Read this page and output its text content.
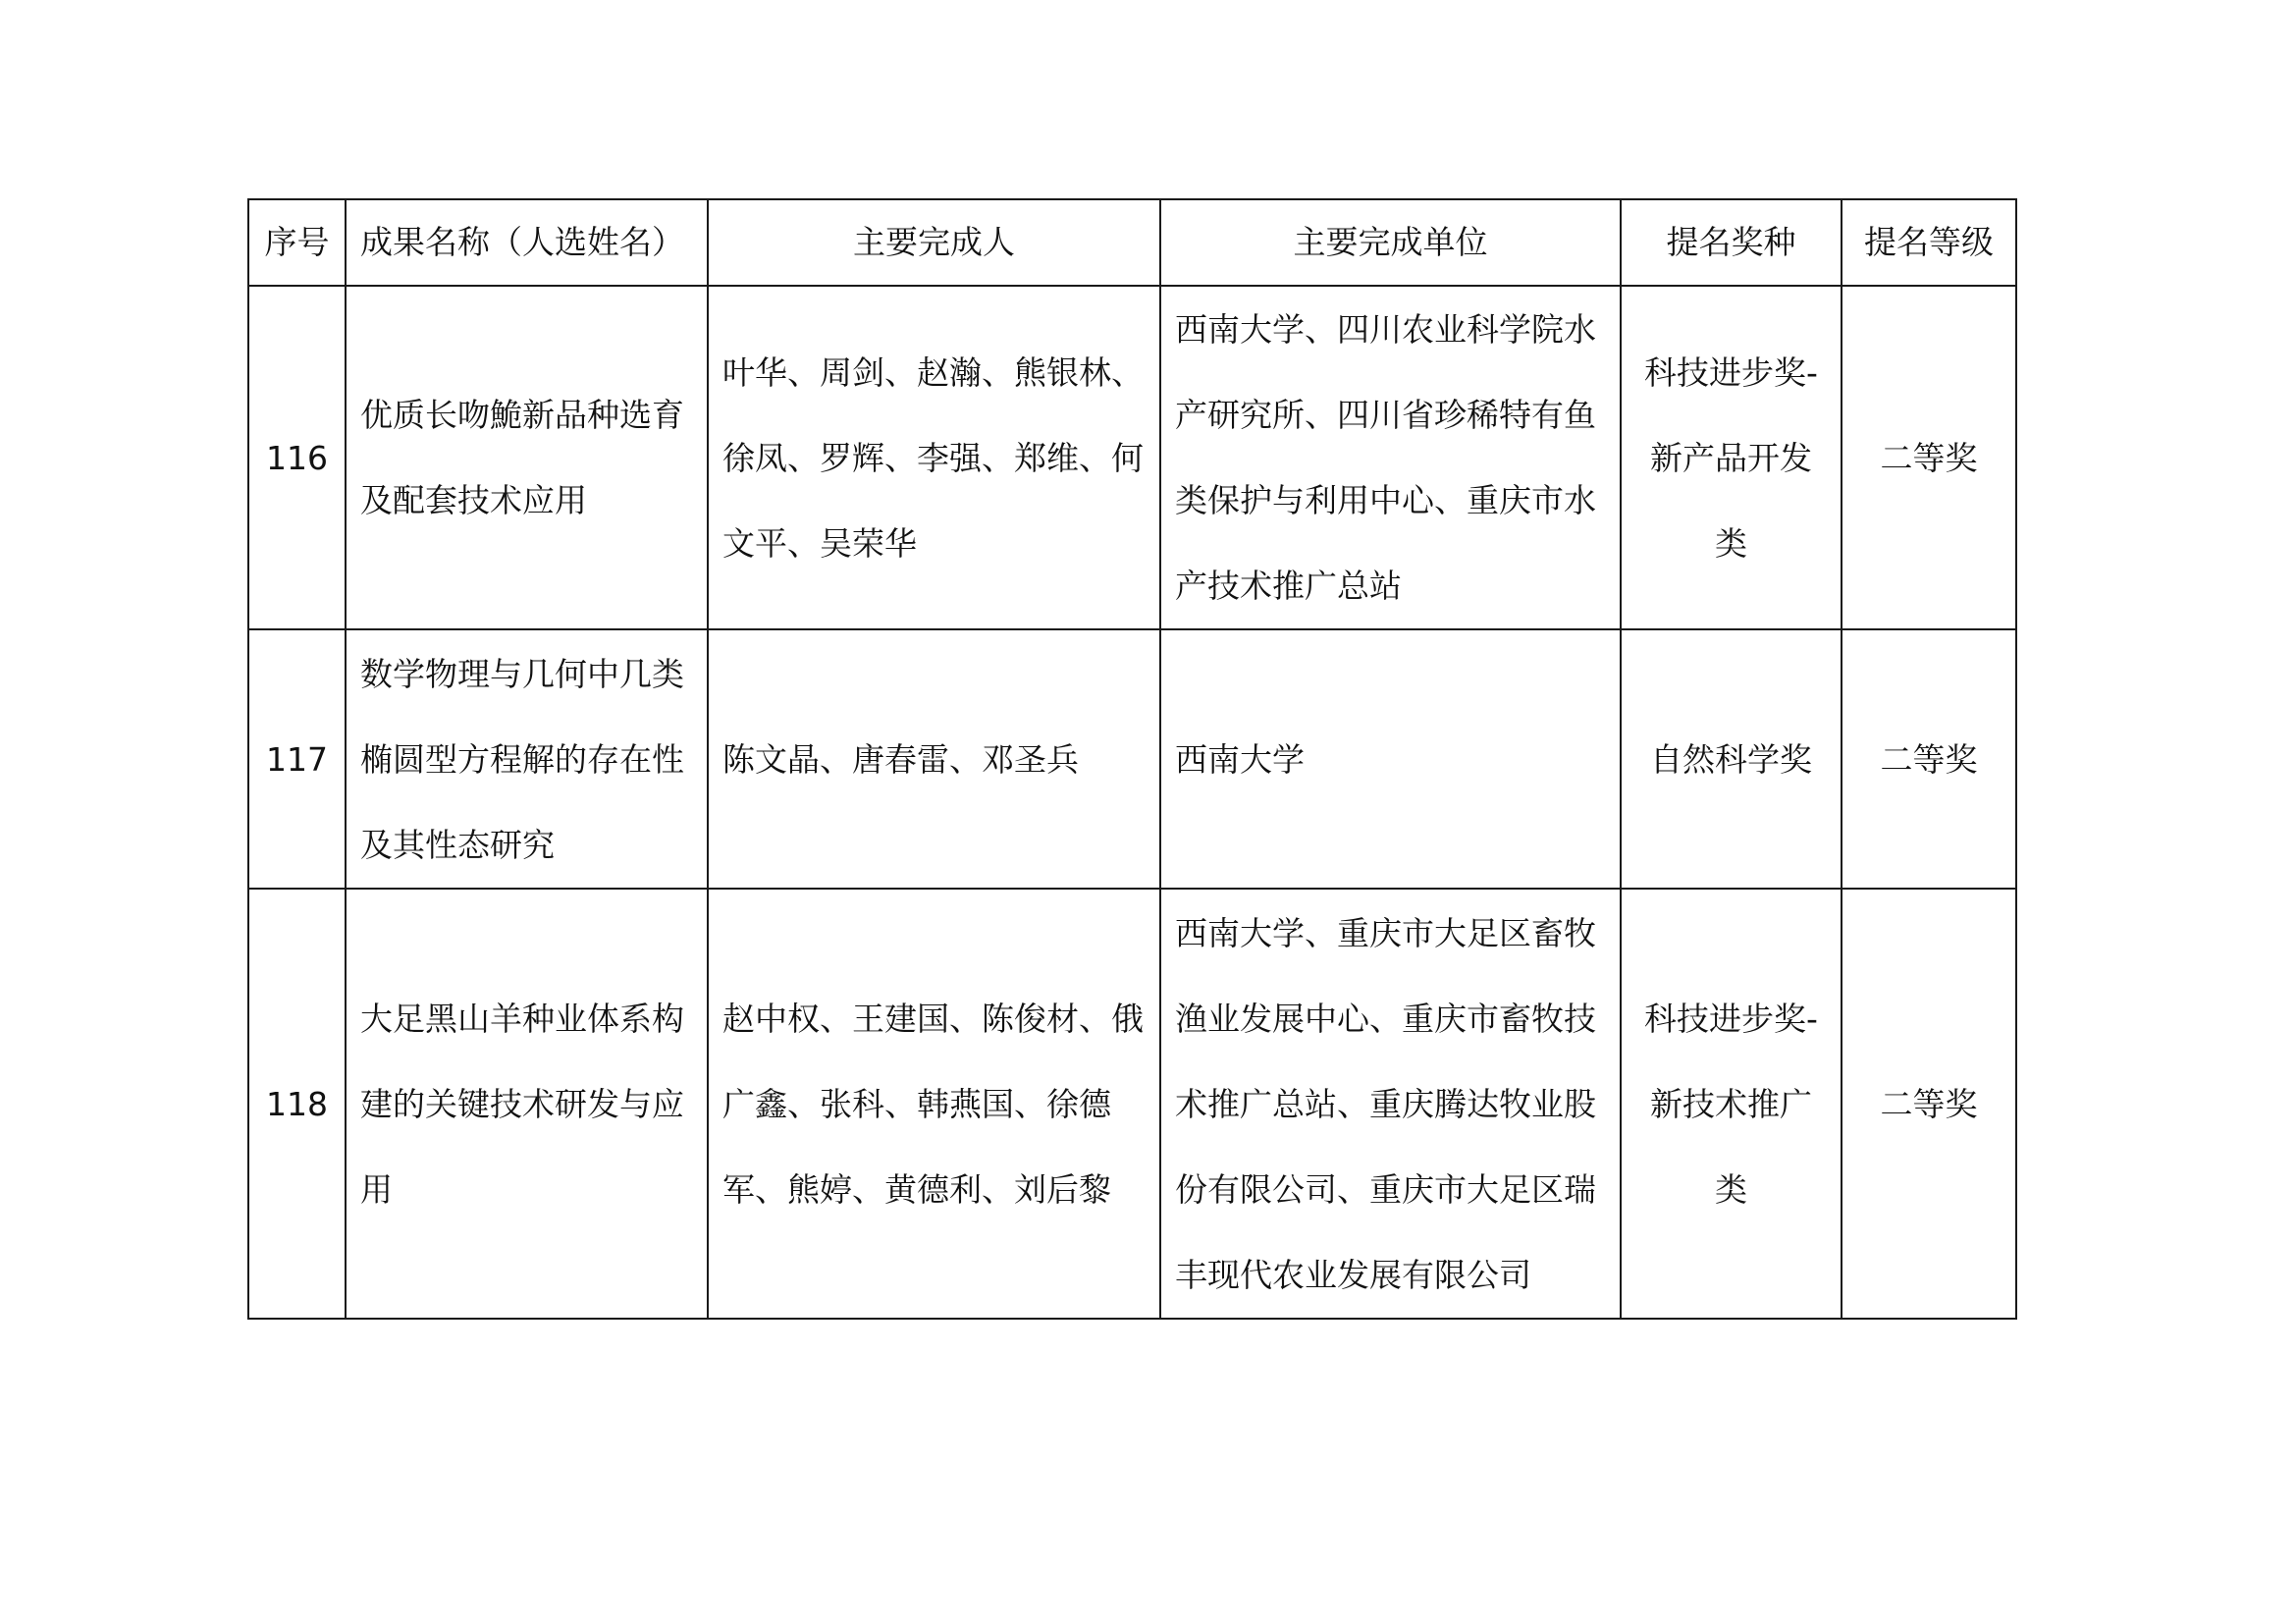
序号	成果名称（人选姓名）	主要完成人	主要完成单位	提名奖种	提名等级
116	优质长吻鮠新品种选育及配套技术应用	叶华、周剑、赵瀚、熊银林、徐凤、罗辉、李强、郑维、何文平、吴荣华	西南大学、四川农业科学院水产研究所、四川省珍稀特有鱼类保护与利用中心、重庆市水产技术推广总站	科技进步奖-新产品开发类	二等奖
117	数学物理与几何中几类椭圆型方程解的存在性及其性态研究	陈文晶、唐春雷、邓圣兵	西南大学	自然科学奖	二等奖
118	大足黑山羊种业体系构建的关键技术研发与应用	赵中权、王建国、陈俊材、俄广鑫、张科、韩燕国、徐德军、熊婷、黄德利、刘后黎	西南大学、重庆市大足区畜牧渔业发展中心、重庆市畜牧技术推广总站、重庆腾达牧业股份有限公司、重庆市大足区瑞丰现代农业发展有限公司	科技进步奖-新技术推广类	二等奖
